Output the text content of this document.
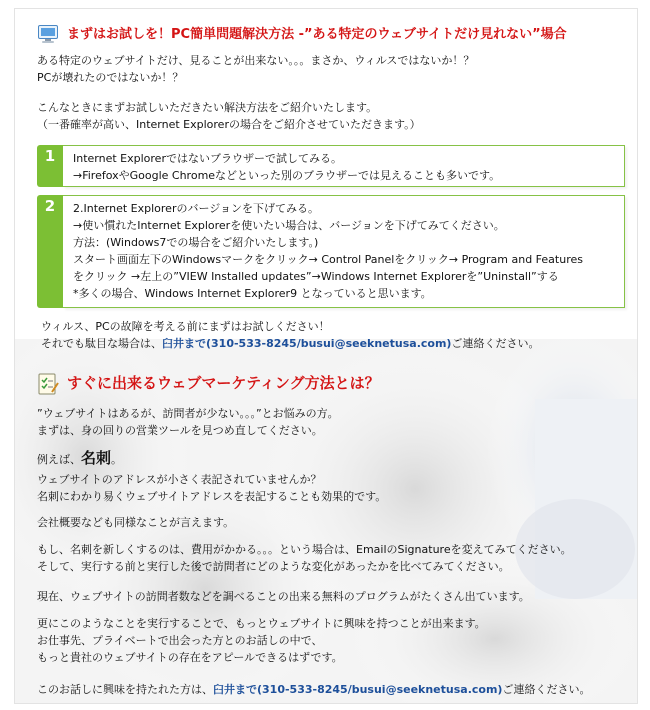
まずはお試しを！PC簡単問題解決方法 -”ある特定のウェブサイトだけ見れない”場合
ある特定のウェブサイトだけ、見ることが出来ない。。。まさか、ウィルスではないか！？
PCが壊れたのではないか！？
こんなときにまずお試しいただきたい解決方法をご紹介いたします。
（一番確率が高い、Internet Explorerの場合をご紹介させていただきます。）
1	Internet Explorerではないブラウザーで試してみる。
→FirefoxやGoogle Chromeなどといった別のブラウザーでは見えることも多いです。
2	2.Internet Explorerのバージョンを下げてみる。
→使い慣れたInternet Explorerを使いたい場合は、バージョンを下げてみてください。
方法：(Windows7での場合をご紹介いたします。)
スタート画面左下のWindowsマークをクリック→ Control Panelをクリック→ Program and Features
をクリック →左上の”VIEW Installed updates”→Windows Internet Explorerを”Uninstall”する
*多くの場合、Windows Internet Explorer9 となっていると思います。
ウィルス、PCの故障を考える前にまずはお試しください！
それでも駄目な場合は、臼井まで(310-533-8245/busui@seeknetusa.com)ご連絡ください。
すぐに出来るウェブマーケティング方法とは？
”ウェブサイトはあるが、訪問者が少ない。。。”とお悩みの方。
まずは、身の回りの営業ツールを見つめ直してください。
例えば、名刺。
ウェブサイトのアドレスが小さく表記されていませんか？
名刺にわかり易くウェブサイトアドレスを表記することも効果的です。
会社概要なども同様なことが言えます。
もし、名刺を新しくするのは、費用がかかる。。。という場合は、EmailのSignatureを変えてみてください。
そして、実行する前と実行した後で訪問者にどのような変化があったかを比べてみてください。
現在、ウェブサイトの訪問者数などを調べることの出来る無料のプログラムがたくさん出ています。
更にこのようなことを実行することで、もっとウェブサイトに興味を持つことが出来ます。
お仕事先、プライベートで出会った方とのお話しの中で、
もっと貴社のウェブサイトの存在をアピールできるはずです。
このお話しに興味を持たれた方は、臼井まで(310-533-8245/busui@seeknetusa.com)ご連絡ください。
